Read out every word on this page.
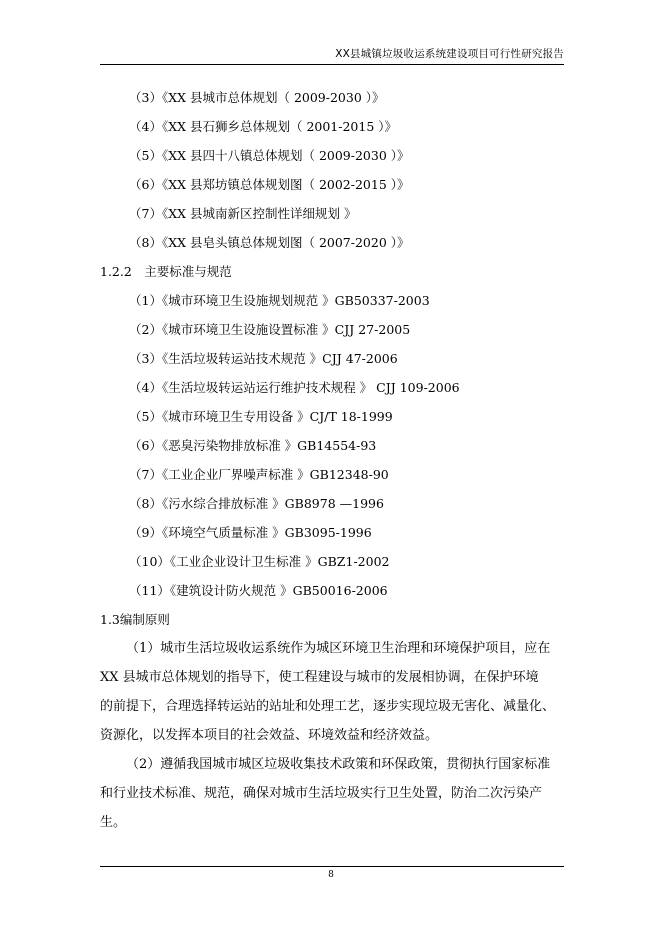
XX县城镇垃圾收运系统建设项目可行性研究报告
（3）《XX 县城市总体规划（ 2009-2030 ）》
（4）《XX 县石狮乡总体规划（ 2001-2015 ）》
（5）《XX 县四十八镇总体规划（ 2009-2030 ）》
（6）《XX 县郑坊镇总体规划图（ 2002-2015 ）》
（7）《XX 县城南新区控制性详细规划 》
（8）《XX 县皂头镇总体规划图（ 2007-2020 ）》
1.2.2　主要标准与规范
（1）《城市环境卫生设施规划规范 》GB50337-2003
（2）《城市环境卫生设施设置标准 》CJJ 27-2005
（3）《生活垃圾转运站技术规范 》CJJ 47-2006
（4）《生活垃圾转运站运行维护技术规程 》 CJJ 109-2006
（5）《城市环境卫生专用设备 》CJ/T 18-1999
（6）《恶臭污染物排放标准 》GB14554-93
（7）《工业企业厂界噪声标准 》GB12348-90
（8）《污水综合排放标准 》GB8978 —1996
（9）《环境空气质量标准 》GB3095-1996
（10）《工业企业设计卫生标准 》GBZ1-2002
（11）《建筑设计防火规范 》GB50016-2006
1.3编制原则
（1）城市生活垃圾收运系统作为城区环境卫生治理和环境保护项目，应在
XX 县城市总体规划的指导下，使工程建设与城市的发展相协调，在保护环境
的前提下，合理选择转运站的站址和处理工艺，逐步实现垃圾无害化、减量化、
资源化，以发挥本项目的社会效益、环境效益和经济效益。
（2）遵循我国城市城区垃圾收集技术政策和环保政策，贯彻执行国家标准
和行业技术标准、规范，确保对城市生活垃圾实行卫生处置，防治二次污染产
生。
8
